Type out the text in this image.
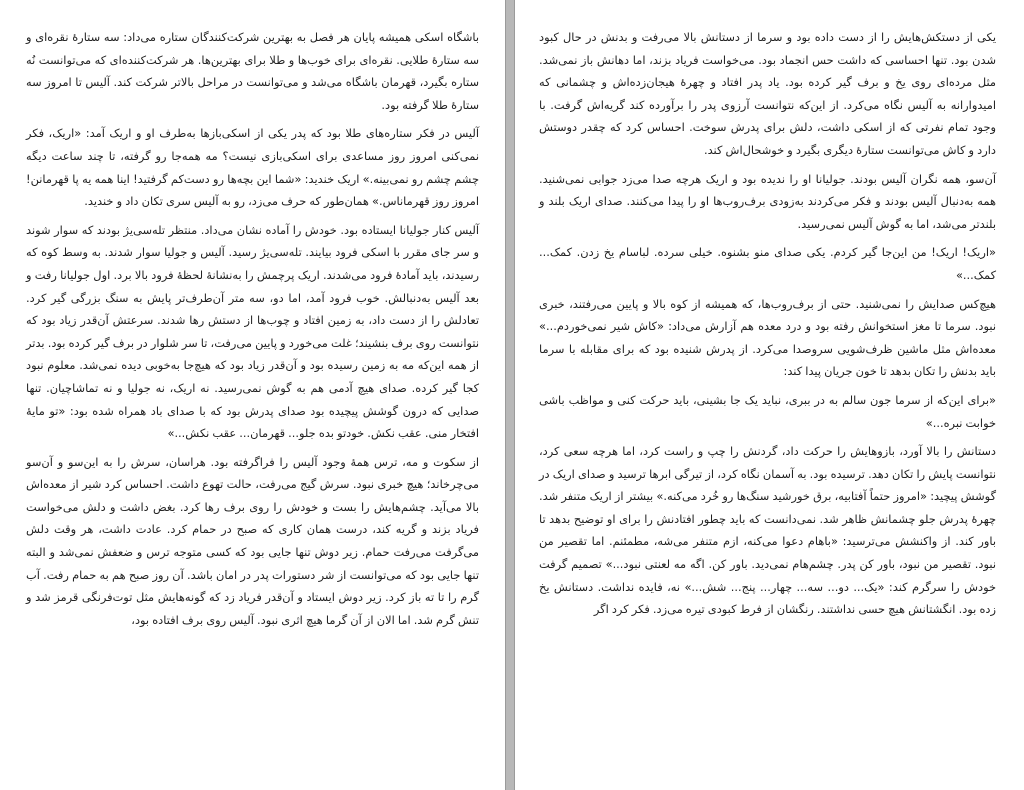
باشگاه اسکی همیشه پایان هر فصل به بهترین شرکت‌کنندگان ستاره می‌داد: سه ستارهٔ نقره‌ای و سه ستارهٔ طلایی. نقره‌ای برای خوب‌ها و طلا برای بهترین‌ها. هر شرکت‌کننده‌ای که می‌توانست نُه ستاره بگیرد، قهرمان باشگاه می‌شد و می‌توانست در مراحل بالاتر شرکت کند. آلیس تا امروز سه ستارهٔ طلا گرفته بود.

آلیس در فکر ستاره‌های طلا بود که پدر یکی از اسکی‌بازها به‌طرف او و اریک آمد: «اریک، فکر نمی‌کنی امروز روز مساعدی برای اسکی‌بازی نیست؟ مه همه‌جا رو گرفته، تا چند ساعت دیگه چشم چشم رو نمی‌بینه.» اریک خندید: «شما این بچه‌ها رو دست‌کم گرفتید! اینا همه یه پا قهرمانن! امروز روز قهرماناس.» همان‌طور که حرف می‌زد، رو به آلیس سری تکان داد و خندید.

آلیس کنار جولیانا ایستاده بود. خودش را آماده نشان می‌داد. منتظر تله‌سی‌یژ بودند که سوار شوند و سر جای مقرر با اسکی فرود بیایند. تله‌سی‌یژ رسید. آلیس و جولیا سوار شدند. به وسط کوه که رسیدند، باید آمادهٔ فرود می‌شدند. اریک پرچمش را به‌نشانهٔ لحظهٔ فرود بالا برد. اول جولیانا رفت و بعد آلیس به‌دنبالش. خوب فرود آمد، اما دو، سه متر آن‌طرف‌تر پایش به سنگ بزرگی گیر کرد. تعادلش را از دست داد، به زمین افتاد و چوب‌ها از دستش رها شدند. سرعتش آن‌قدر زیاد بود که نتوانست روی برف بنشیند؛ غلت می‌خورد و پایین می‌رفت، تا سر شلوار در برف گیر کرده بود. بدتر از همه این‌که مه به زمین رسیده بود و آن‌قدر زیاد بود که هیچ‌جا به‌خوبی دیده نمی‌شد. معلوم نبود کجا گیر کرده. صدای هیچ آدمی هم به گوش نمی‌رسید. نه اریک، نه جولیا و نه تماشاچیان. تنها صدایی که درون گوشش پیچیده بود صدای پدرش بود که با صدای باد همراه شده بود: «تو مایهٔ افتخار منی. عقب نکش. خودتو بده جلو... قهرمان... عقب نکش...»

از سکوت و مه، ترس همهٔ وجود آلیس را فراگرفته بود. هراسان، سرش را به این‌سو و آن‌سو می‌چرخاند؛ هیچ خبری نبود. سرش گیج می‌رفت، حالت تهوع داشت. احساس کرد شیر از معده‌اش بالا می‌آید. چشم‌هایش را بست و خودش را روی برف رها کرد. بغض داشت و دلش می‌خواست فریاد بزند و گریه کند، درست همان کاری که صبح در حمام کرد. عادت داشت، هر وقت دلش می‌گرفت می‌رفت حمام. زیر دوش تنها جایی بود که کسی متوجه ترس و ضعفش نمی‌شد و البته تنها جایی بود که می‌توانست از شر دستورات پدر در امان باشد. آن روز صبح هم به حمام رفت. آب گرم را تا ته باز کرد. زیر دوش ایستاد و آن‌قدر فریاد زد که گونه‌هایش مثل توت‌فرنگی قرمز شد و تنش گرم شد. اما الان از آن گرما هیچ اثری نبود. آلیس روی برف افتاده بود،

یکی از دستکش‌هایش را از دست داده بود و سرما از دستانش بالا می‌رفت و بدنش در حال کبود شدن بود. تنها احساسی که داشت حس انجماد بود. می‌خواست فریاد بزند، اما دهانش باز نمی‌شد. مثل مرده‌ای روی یخ و برف گیر کرده بود. یاد پدر افتاد و چهرهٔ هیجان‌زده‌اش و چشمانی که امیدوارانه به آلیس نگاه می‌کرد. از این‌که نتوانست آرزوی پدر را برآورده کند گریه‌اش گرفت. با وجود تمام نفرتی که از اسکی داشت، دلش برای پدرش سوخت. احساس کرد که چقدر دوستش دارد و کاش می‌توانست ستارهٔ دیگری بگیرد و خوشحال‌اش کند.

آن‌سو، همه نگران آلیس بودند. جولیانا او را ندیده بود و اریک هرچه صدا می‌زد جوابی نمی‌شنید. همه به‌دنبال آلیس بودند و فکر می‌کردند به‌زودی برف‌روب‌ها او را پیدا می‌کنند. صدای اریک بلند و بلندتر می‌شد، اما به گوش آلیس نمی‌رسید.

«اریک! اریک! من این‌جا گیر کردم. یکی صدای منو بشنوه. خیلی سرده. لباسام یخ زدن. کمک... کمک...»

هیچ‌کس صدایش را نمی‌شنید. حتی از برف‌روب‌ها، که همیشه از کوه بالا و پایین می‌رفتند، خبری نبود. سرما تا مغز استخوانش رفته بود و درد معده هم آزارش می‌داد: «کاش شیر نمی‌خوردم...» معده‌اش مثل ماشین ظرف‌شویی سروصدا می‌کرد. از پدرش شنیده بود که برای مقابله با سرما باید بدنش را تکان بدهد تا خون جریان پیدا کند:

«برای این‌که از سرما جون سالم به در ببری، نباید یک جا بشینی، باید حرکت کنی و مواظب باشی خوابت نبره...»

دستانش را بالا آورد، بازوهایش را حرکت داد، گردنش را چپ و راست کرد، اما هرچه سعی کرد، نتوانست پایش را تکان دهد. ترسیده بود. به آسمان نگاه کرد، از تیرگی ابرها ترسید و صدای اریک در گوشش پیچید: «امروز حتماً آفتابیه، برق خورشید سنگ‌ها رو خُرد می‌کنه.» بیشتر از اریک متنفر شد. چهرهٔ پدرش جلو چشمانش ظاهر شد. نمی‌دانست که باید چطور افتادنش را برای او توضیح بدهد تا باور کند. از واکنشش می‌ترسید: «باهام دعوا می‌کنه، ازم متنفر می‌شه، مطمئنم. اما تقصیر من نبود. تقصیر من نبود، باور کن پدر. چشم‌هام نمی‌دید. باور کن. اگه مه لعنتی نبود...» تصمیم گرفت خودش را سرگرم کند: «یک... دو... سه... چهار... پنج... شش...» نه، فایده نداشت. دستانش یخ زده بود. انگشتانش هیچ حسی نداشتند. رنگشان از فرط کبودی تیره می‌زد. فکر کرد اگر
